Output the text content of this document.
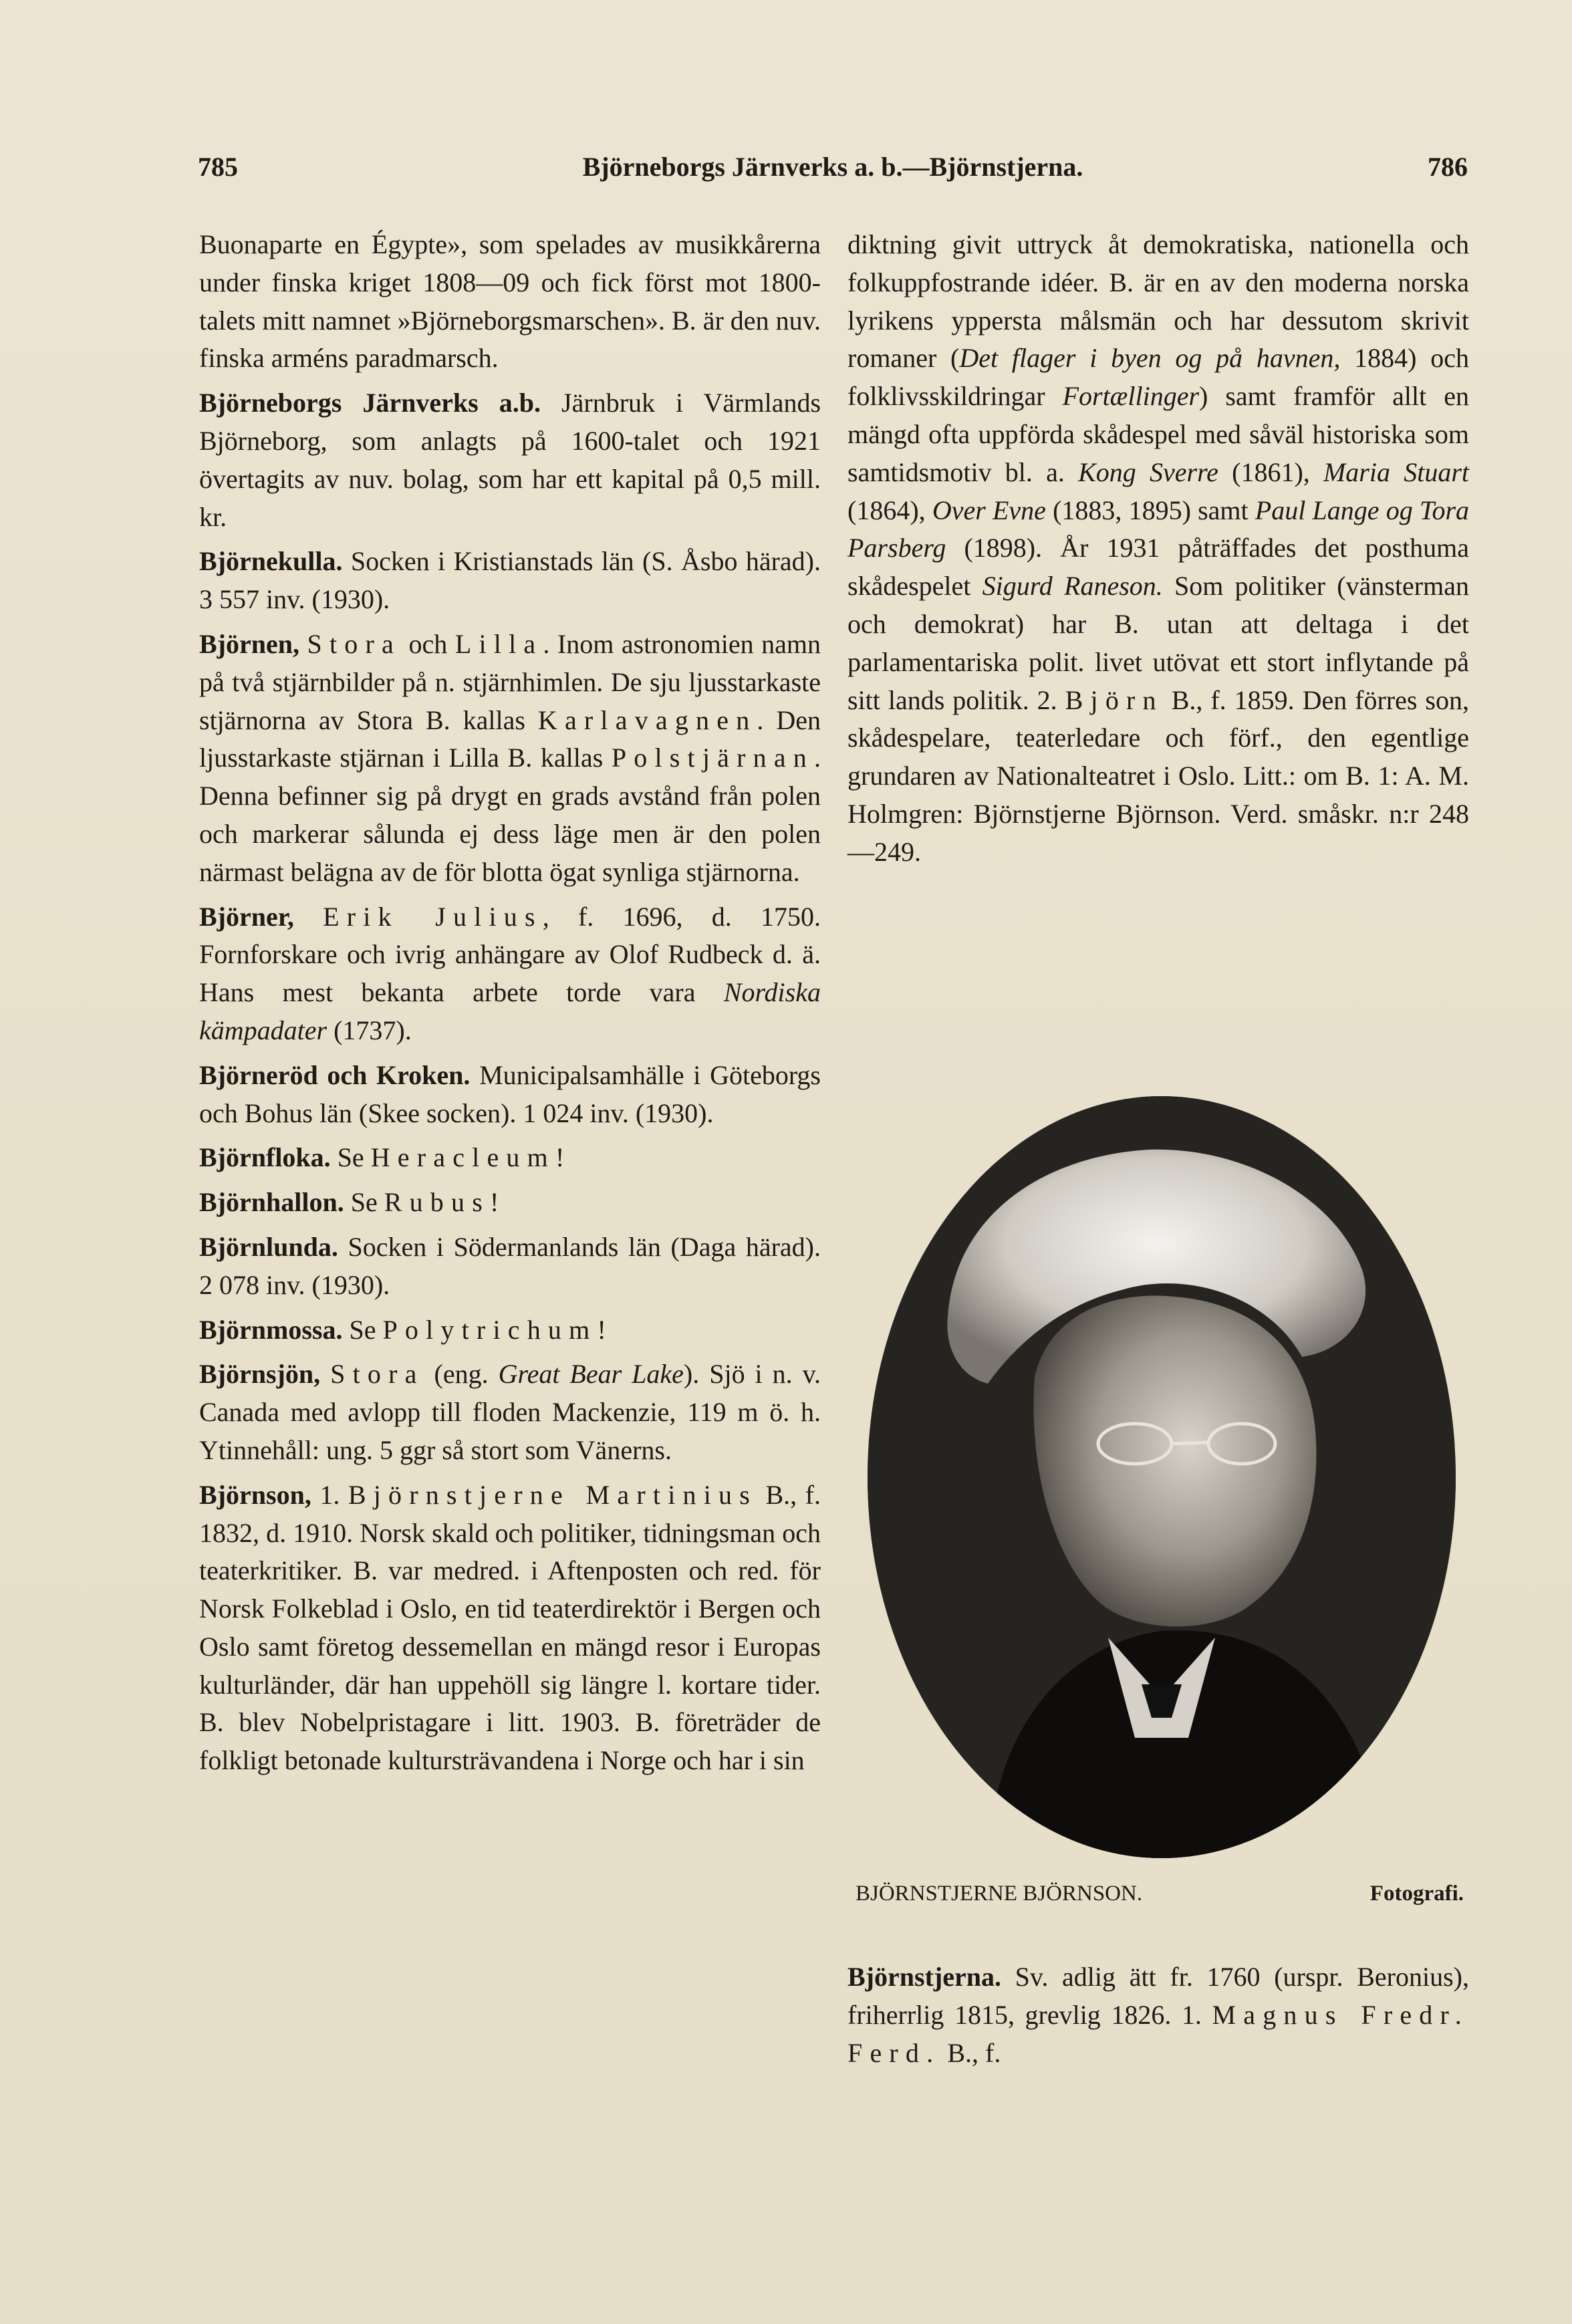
785	Björneborgs Järnverks a. b.—Björnstjerna.	786

Buonaparte en Égypte», som spelades av musikkårerna under finska kriget 1808—09 och fick först mot 1800-talets mitt namnet »Björneborgsmarschen». B. är den nuv. finska arméns paradmarsch.

Björneborgs Järnverks a.b. Järnbruk i Värmlands Björneborg, som anlagts på 1600-talet och 1921 övertagits av nuv. bolag, som har ett kapital på 0,5 mill. kr.

Björnekulla. Socken i Kristianstads län (S. Åsbo härad). 3 557 inv. (1930).

Björnen, Stora och Lilla. Inom astronomien namn på två stjärnbilder på n. stjärnhimlen. De sju ljusstarkaste stjärnorna av Stora B. kallas Karlavagnen. Den ljusstarkaste stjärnan i Lilla B. kallas Polstjärnan. Denna befinner sig på drygt en grads avstånd från polen och markerar sålunda ej dess läge men är den polen närmast belägna av de för blotta ögat synliga stjärnorna.

Björner, Erik Julius, f. 1696, d. 1750. Fornforskare och ivrig anhängare av Olof Rudbeck d. ä. Hans mest bekanta arbete torde vara Nordiska kämpadater (1737).

Björneröd och Kroken. Municipalsamhälle i Göteborgs och Bohus län (Skee socken). 1 024 inv. (1930).

Björnfloka. Se Heracleum!

Björnhallon. Se Rubus!

Björnlunda. Socken i Södermanlands län (Daga härad). 2 078 inv. (1930).

Björnmossa. Se Polytrichum!

Björnsjön, Stora (eng. Great Bear Lake). Sjö i n. v. Canada med avlopp till floden Mackenzie, 119 m ö. h. Ytinnehåll: ung. 5 ggr så stort som Vänerns.

Björnson, 1. Björnstjerne Martinius B., f. 1832, d. 1910. Norsk skald och politiker, tidningsman och teaterkritiker. B. var medred. i Aftenposten och red. för Norsk Folkeblad i Oslo, en tid teaterdirektör i Bergen och Oslo samt företog dessemellan en mängd resor i Europas kulturländer, där han uppehöll sig längre l. kortare tider. B. blev Nobelpristagare i litt. 1903. B. företräder de folkligt betonade kultursträvandena i Norge och har i sin

diktning givit uttryck åt demokratiska, nationella och folkuppfostrande idéer. B. är en av den moderna norska lyrikens yppersta målsmän och har dessutom skrivit romaner (Det flager i byen og på havnen, 1884) och folklivsskildringar Fortællinger) samt framför allt en mängd ofta uppförda skådespel med såväl historiska som samtidsmotiv bl. a. Kong Sverre (1861), Maria Stuart (1864), Over Evne (1883, 1895) samt Paul Lange og Tora Parsberg (1898). År 1931 påträffades det posthuma skådespelet Sigurd Raneson. Som politiker (vänsterman och demokrat) har B. utan att deltaga i det parlamentariska polit. livet utövat ett stort inflytande på sitt lands politik. 2. Björn B., f. 1859. Den förres son, skådespelare, teaterledare och förf., den egentlige grundaren av Nationalteatret i Oslo. Litt.: om B. 1: A. M. Holmgren: Björnstjerne Björnson. Verd. småskr. n:r 248—249.

BJÖRNSTJERNE BJÖRNSON.	Fotografi.

Björnstjerna. Sv. adlig ätt fr. 1760 (urspr. Beronius), friherrlig 1815, grevlig 1826. 1. Magnus Fredr. Ferd. B., f.
